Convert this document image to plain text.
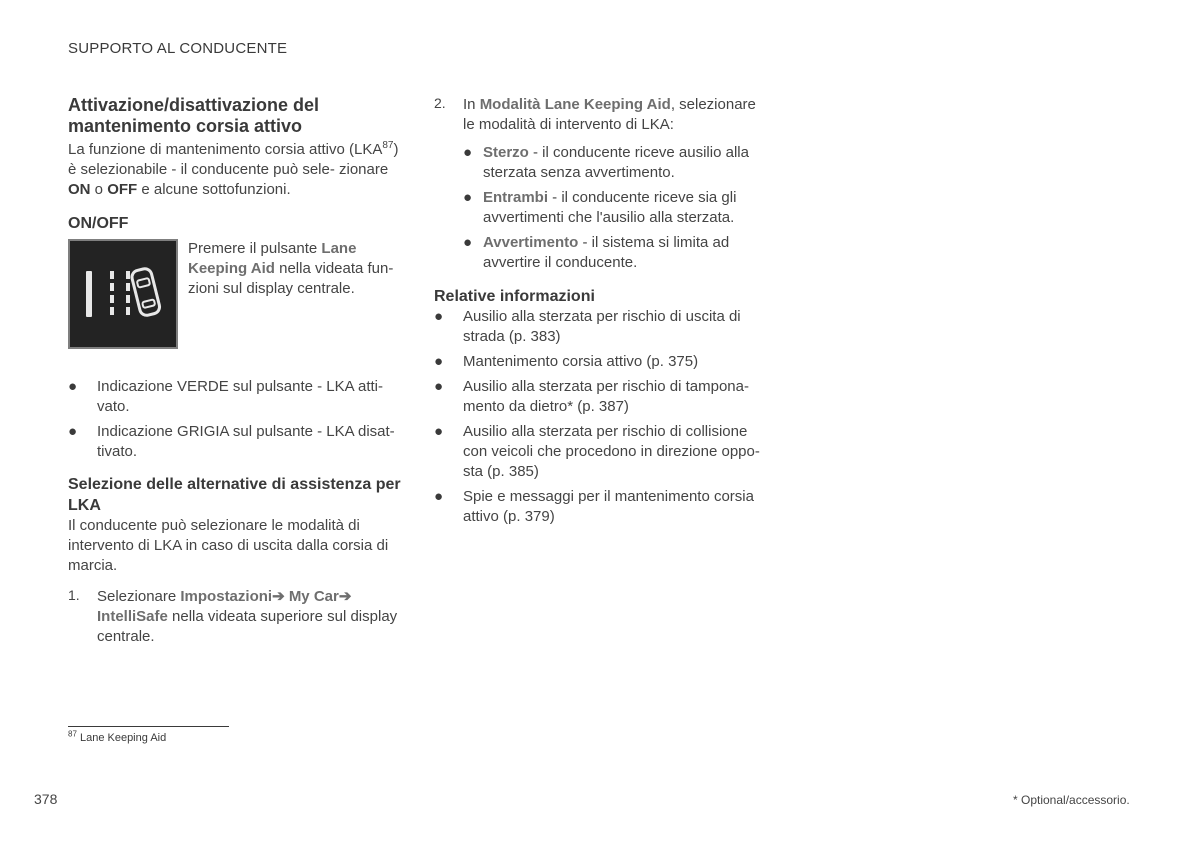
SUPPORTO AL CONDUCENTE
Attivazione/disattivazione del mantenimento corsia attivo

La funzione di mantenimento corsia attivo (LKA$^{87}$) è selezionabile - il conducente può sele- zionare ON o OFF e alcune sottofunzioni.

ON/OFF

Premere il pulsante Lane Keeping Aid nella videata fun- zioni sul display centrale.

● Indicazione VERDE sul pulsante - LKA atti- vato.
● Indicazione GRIGIA sul pulsante - LKA disat- tivato.
Selezione delle alternative di assistenza per LKA

Il conducente può selezionare le modalità di intervento di LKA in caso di uscita dalla corsia di marcia.

1. Selezionare Impostazioni➔ My Car➔ IntelliSafe nella videata superiore sul display centrale.
2. In Modalità Lane Keeping Aid, selezionare le modalità di intervento di LKA:
● Sterzo - il conducente riceve ausilio alla sterzata senza avvertimento.
● Entrambi - il conducente riceve sia gli avvertimenti che l'ausilio alla sterzata.
● Avvertimento - il sistema si limita ad avvertire il conducente.
Relative informazioni
● Ausilio alla sterzata per rischio di uscita di strada (p. 383)
● Mantenimento corsia attivo (p. 375)
● Ausilio alla sterzata per rischio di tampona- mento da dietro* (p. 387)
● Ausilio alla sterzata per rischio di collisione con veicoli che procedono in direzione oppo- sta (p. 385)
● Spie e messaggi per il mantenimento corsia attivo (p. 379)
$^{87}$ Lane Keeping Aid
378	* Optional/accessorio.
